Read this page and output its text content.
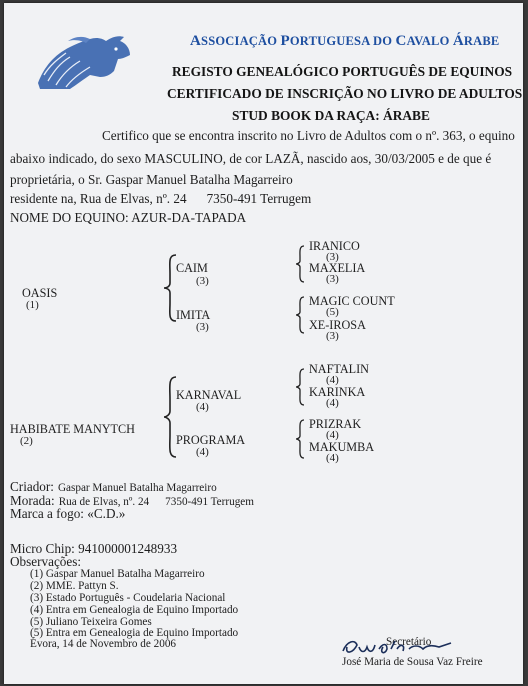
ASSOCIAÇÃO PORTUGUESA DO CAVALO ÁRABE
REGISTO GENEALÓGICO PORTUGUÊS DE EQUINOS
CERTIFICADO DE INSCRIÇÃO NO LIVRO DE ADULTOS
STUD BOOK DA RAÇA: ÁRABE
Certifico que se encontra inscrito no Livro de Adultos com o nº. 363, o equino
abaixo indicado, do sexo MASCULINO, de cor LAZÃ, nascido aos, 30/03/2005 e de que é
proprietária, o Sr. Gaspar Manuel Batalha Magarreiro
residente na, Rua de Elvas, nº. 24 7350-491 Terrugem
NOME DO EQUINO: AZUR-DA-TAPADA
OASIS
(1)
CAIM
(3)
IMITA
(3)
IRANICO
(3)
MAXELIA
(3)
MAGIC COUNT
(5)
XE-IROSA
(3)
HABIBATE MANYTCH
(2)
KARNAVAL
(4)
PROGRAMA
(4)
NAFTALIN
(4)
KARINKA
(4)
PRIZRAK
(4)
MAKUMBA
(4)
Criador: Gaspar Manuel Batalha Magarreiro
Morada: Rua de Elvas, nº. 24 7350-491 Terrugem
Marca a fogo: «C.D.»
Micro Chip: 941000001248933
Observações:
(1) Gaspar Manuel Batalha Magarreiro
(2) MME. Pattyn S.
(3) Estado Português - Coudelaria Nacional
(4) Entra em Genealogia de Equino Importado
(5) Juliano Teixeira Gomes
(5) Entra em Genealogia de Equino Importado
Évora, 14 de Novembro de 2006	Secretário
José Maria de Sousa Vaz Freire
